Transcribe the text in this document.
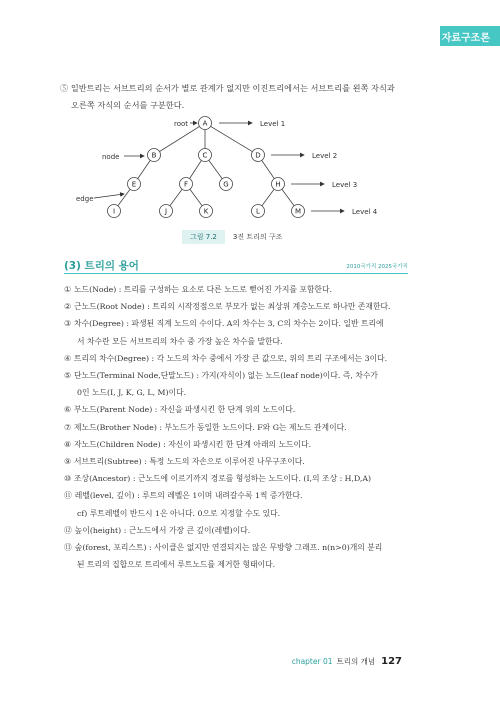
자료구조론
⑤ 일반트리는 서브트리의 순서가 별로 관계가 없지만 이진트리에서는 서브트리를 왼쪽 자식과
오른쪽 자식의 순서를 구분한다.
A
B	C	D
E	F	G	H
I	J	K	L	M
root
node
edge
Level 1
Level 2
Level 3
Level 4
그림 7.2	3진 트리의 구조
(3) 트리의 용어	2010국가직 2025국가직
① 노드(Node) : 트리를 구성하는 요소로 다른 노드로 뻗어진 가지를 포함한다.
② 근노드(Root Node) : 트리의 시작정점으로 부모가 없는 최상위 계층노드로 하나만 존재한다.
③ 차수(Degree) : 파생된 직계 노드의 수이다. A의 차수는 3, C의 차수는 2이다. 일반 트리에
서 차수란 모든 서브트리의 차수 중 가장 높은 차수를 말한다.
④ 트리의 차수(Degree) : 각 노드의 차수 중에서 가장 큰 값으로, 위의 트리 구조에서는 3이다.
⑤ 단노드(Terminal Node,단말노드) : 가지(자식이) 없는 노드(leaf node)이다. 즉, 차수가
0인 노드(I, J, K, G, L, M)이다.
⑥ 부노드(Parent Node) : 자신을 파생시킨 한 단계 위의 노드이다.
⑦ 제노드(Brother Node) : 부노드가 동일한 노드이다. F와 G는 제노드 관계이다.
⑧ 자노드(Children Node) : 자신이 파생시킨 한 단계 아래의 노드이다.
⑨ 서브트리(Subtree) : 특정 노드의 자손으로 이루어진 나무구조이다.
⑩ 조상(Ancestor) : 근노드에 이르기까지 경로를 형성하는 노드이다. (I,의 조상 : H,D,A)
⑪ 레벨(level, 깊이) : 루트의 레벨은 1이며 내려갈수록 1씩 증가한다.
cf) 루트레벨이 반드시 1은 아니다. 0으로 지정할 수도 있다.
⑫ 높이(height) : 근노드에서 가장 큰 깊이(레벨)이다.
⑬ 숲(forest, 포리스트) : 사이클은 없지만 연결되지는 않은 무방향 그래프. n(n>0)개의 분리
된 트리의 집합으로 트리에서 루트노드를 제거한 형태이다.
chapter 01 트리의 개념 127
